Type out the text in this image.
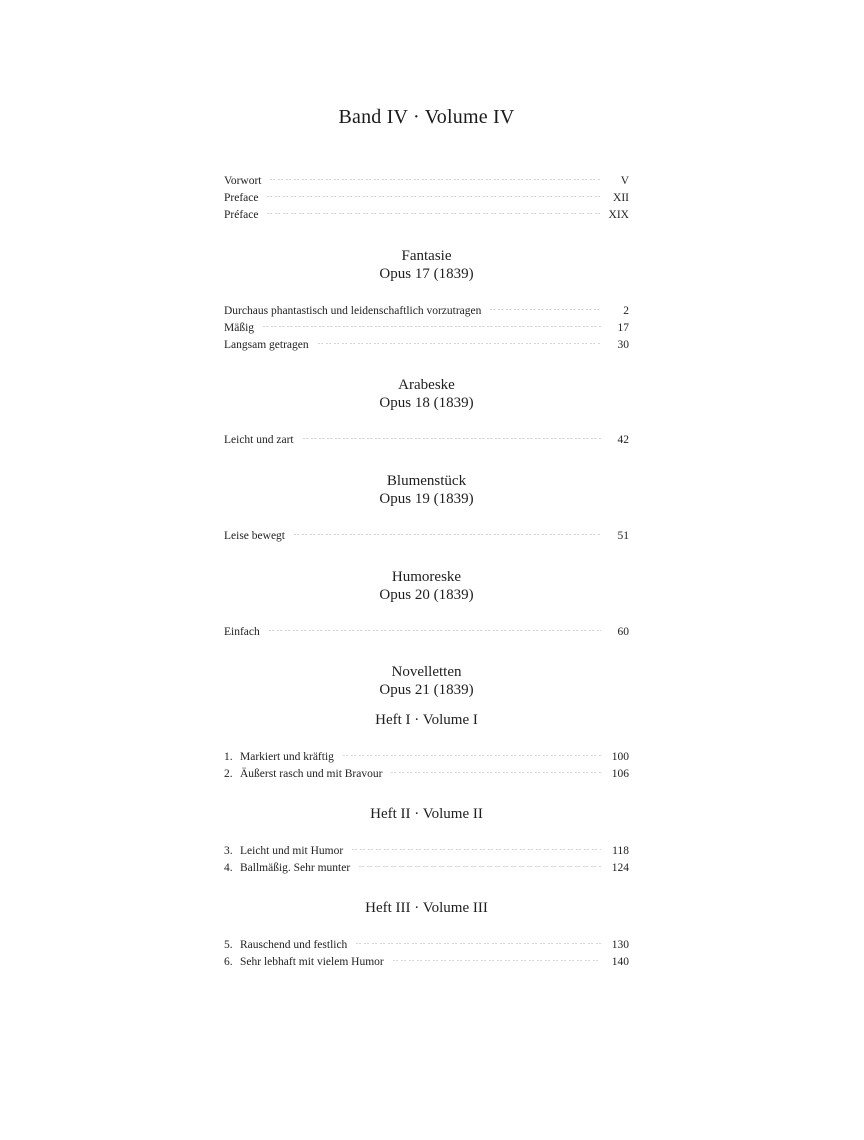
Band IV · Volume IV
Vorwort	V
Preface	XII
Préface	XIX
Fantasie
Opus 17 (1839)
Durchaus phantastisch und leidenschaftlich vorzutragen	2
Mäßig	17
Langsam getragen	30
Arabeske
Opus 18 (1839)
Leicht und zart	42
Blumenstück
Opus 19 (1839)
Leise bewegt	51
Humoreske
Opus 20 (1839)
Einfach	60
Novelletten
Opus 21 (1839)
Heft I · Volume I
1. Markiert und kräftig	100
2. Äußerst rasch und mit Bravour	106
Heft II · Volume II
3. Leicht und mit Humor	118
4. Ballmäßig. Sehr munter	124
Heft III · Volume III
5. Rauschend und festlich	130
6. Sehr lebhaft mit vielem Humor	140
